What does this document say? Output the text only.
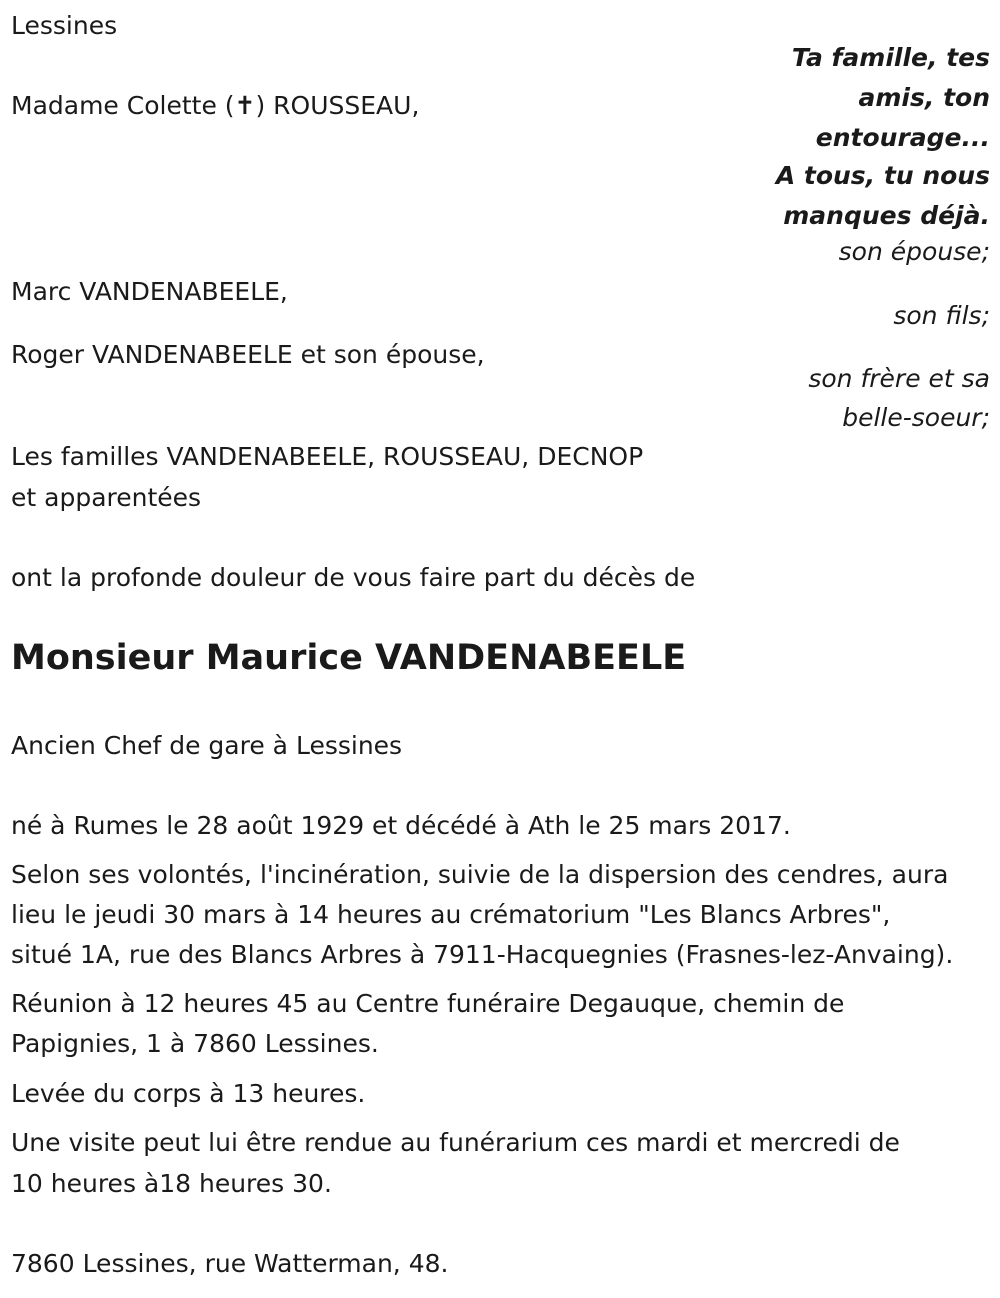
Lessines
Ta famille, tes
amis, ton
entourage...
A tous, tu nous
manques déjà.
Madame Colette (✝) ROUSSEAU,
son épouse;
Marc VANDENABEELE,
son fils;
Roger VANDENABEELE et son épouse,
son frère et sa
belle-soeur;
Les familles VANDENABEELE, ROUSSEAU, DECNOP
et apparentées
ont la profonde douleur de vous faire part du décès de
Monsieur Maurice VANDENABEELE
Ancien Chef de gare à Lessines
né à Rumes le 28 août 1929 et décédé à Ath le 25 mars 2017.
Selon ses volontés, l'incinération, suivie de la dispersion des cendres, aura
lieu le jeudi 30 mars à 14 heures au crématorium "Les Blancs Arbres",
situé 1A, rue des Blancs Arbres à 7911-Hacquegnies (Frasnes-lez-Anvaing).
Réunion à 12 heures 45 au Centre funéraire Degauque, chemin de
Papignies, 1 à 7860 Lessines.
Levée du corps à 13 heures.
Une visite peut lui être rendue au funérarium ces mardi et mercredi de
10 heures à18 heures 30.
7860 Lessines, rue Watterman, 48.
